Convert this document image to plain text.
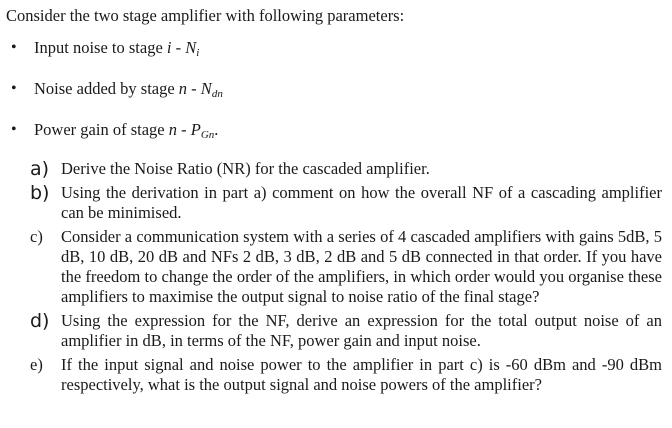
Consider the two stage amplifier with following parameters:
• Input noise to stage i - Ni
• Noise added by stage n - Ndn
• Power gain of stage n - PGn.
a) Derive the Noise Ratio (NR) for the cascaded amplifier.
b) Using the derivation in part a) comment on how the overall NF of a cascading amplifier can be minimised.
c) Consider a communication system with a series of 4 cascaded amplifiers with gains 5dB, 5 dB, 10 dB, 20 dB and NFs 2 dB, 3 dB, 2 dB and 5 dB connected in that order. If you have the freedom to change the order of the amplifiers, in which order would you organise these amplifiers to maximise the output signal to noise ratio of the final stage?
d) Using the expression for the NF, derive an expression for the total output noise of an amplifier in dB, in terms of the NF, power gain and input noise.
e) If the input signal and noise power to the amplifier in part c) is -60 dBm and -90 dBm respectively, what is the output signal and noise powers of the amplifier?
